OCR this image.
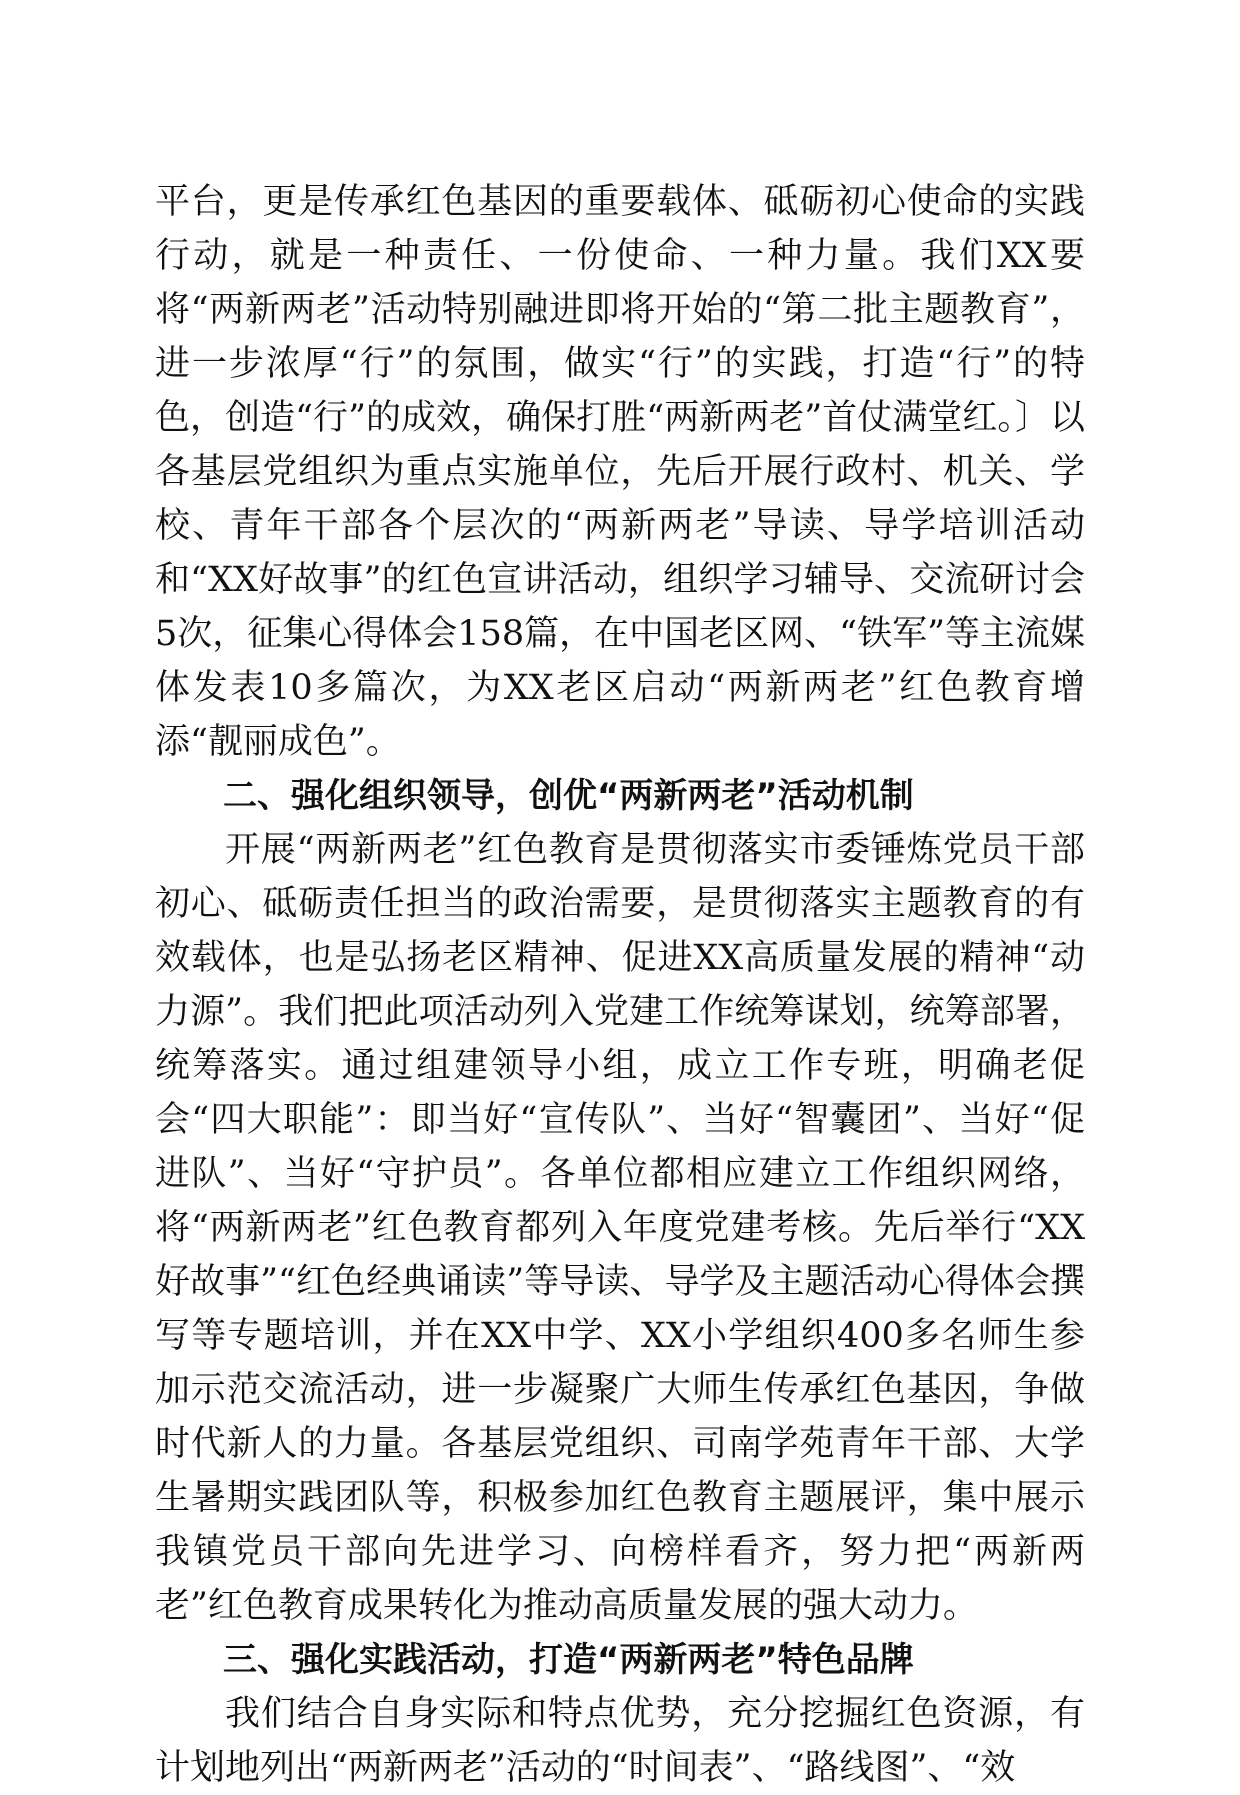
平台，更是传承红色基因的重要载体、砥砺初心使命的实践行动，就是一种责任、一份使命、一种力量。我们XX要将“两新两老”活动特别融进即将开始的“第二批主题教育”，进一步浓厚“行”的氛围，做实“行”的实践，打造“行”的特色，创造“行”的成效，确保打胜“两新两老”首仗满堂红。〕以各基层党组织为重点实施单位，先后开展行政村、机关、学校、青年干部各个层次的“两新两老”导读、导学培训活动和“XX好故事”的红色宣讲活动，组织学习辅导、交流研讨会5次，征集心得体会158篇，在中国老区网、“铁军”等主流媒体发表10多篇次，为XX老区启动“两新两老”红色教育增添“靓丽成色”。

二、强化组织领导，创优“两新两老”活动机制

开展“两新两老”红色教育是贯彻落实市委锤炼党员干部初心、砥砺责任担当的政治需要，是贯彻落实主题教育的有效载体，也是弘扬老区精神、促进XX高质量发展的精神“动力源”。我们把此项活动列入党建工作统筹谋划，统筹部署，统筹落实。通过组建领导小组，成立工作专班，明确老促会“四大职能”：即当好“宣传队”、当好“智囊团”、当好“促进队”、当好“守护员”。各单位都相应建立工作组织网络，将“两新两老”红色教育都列入年度党建考核。先后举行“XX好故事”“红色经典诵读”等导读、导学及主题活动心得体会撰写等专题培训，并在XX中学、XX小学组织400多名师生参加示范交流活动，进一步凝聚广大师生传承红色基因，争做时代新人的力量。各基层党组织、司南学苑青年干部、大学生暑期实践团队等，积极参加红色教育主题展评，集中展示我镇党员干部向先进学习、向榜样看齐，努力把“两新两老”红色教育成果转化为推动高质量发展的强大动力。

三、强化实践活动，打造“两新两老”特色品牌

我们结合自身实际和特点优势，充分挖掘红色资源，有计划地列出“两新两老”活动的“时间表”、“路线图”、“效
